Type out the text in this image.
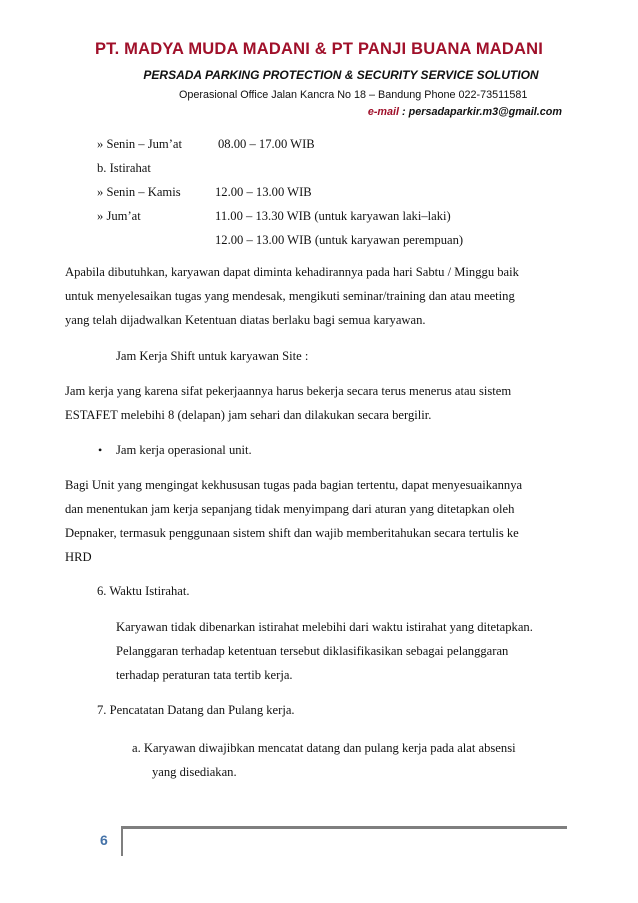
PT. MADYA MUDA MADANI & PT PANJI BUANA MADANI
PERSADA PARKING PROTECTION & SECURITY SERVICE SOLUTION
Operasional Office Jalan Kancra No 18 – Bandung Phone 022-73511581
e-mail : persadaparkir.m3@gmail.com
» Senin – Jum’at	08.00 – 17.00 WIB
b. Istirahat
» Senin – Kamis	12.00 – 13.00 WIB
» Jum’at	11.00 – 13.30 WIB (untuk karyawan laki–laki)
12.00 – 13.00 WIB (untuk karyawan perempuan)
Apabila dibutuhkan, karyawan dapat diminta kehadirannya pada hari Sabtu / Minggu baik
untuk menyelesaikan tugas yang mendesak, mengikuti seminar/training dan atau meeting
yang telah dijadwalkan Ketentuan diatas berlaku bagi semua karyawan.
Jam Kerja Shift untuk karyawan Site :
Jam kerja yang karena sifat pekerjaannya harus bekerja secara terus menerus atau sistem
ESTAFET melebihi 8 (delapan) jam sehari dan dilakukan secara bergilir.
• Jam kerja operasional unit.
Bagi Unit yang mengingat kekhususan tugas pada bagian tertentu, dapat menyesuaikannya
dan menentukan jam kerja sepanjang tidak menyimpang dari aturan yang ditetapkan oleh
Depnaker, termasuk penggunaan sistem shift dan wajib memberitahukan secara tertulis ke
HRD
6. Waktu Istirahat.
Karyawan tidak dibenarkan istirahat melebihi dari waktu istirahat yang ditetapkan.
Pelanggaran terhadap ketentuan tersebut diklasifikasikan sebagai pelanggaran
terhadap peraturan tata tertib kerja.
7. Pencatatan Datang dan Pulang kerja.
a. Karyawan diwajibkan mencatat datang dan pulang kerja pada alat absensi
yang disediakan.
6
